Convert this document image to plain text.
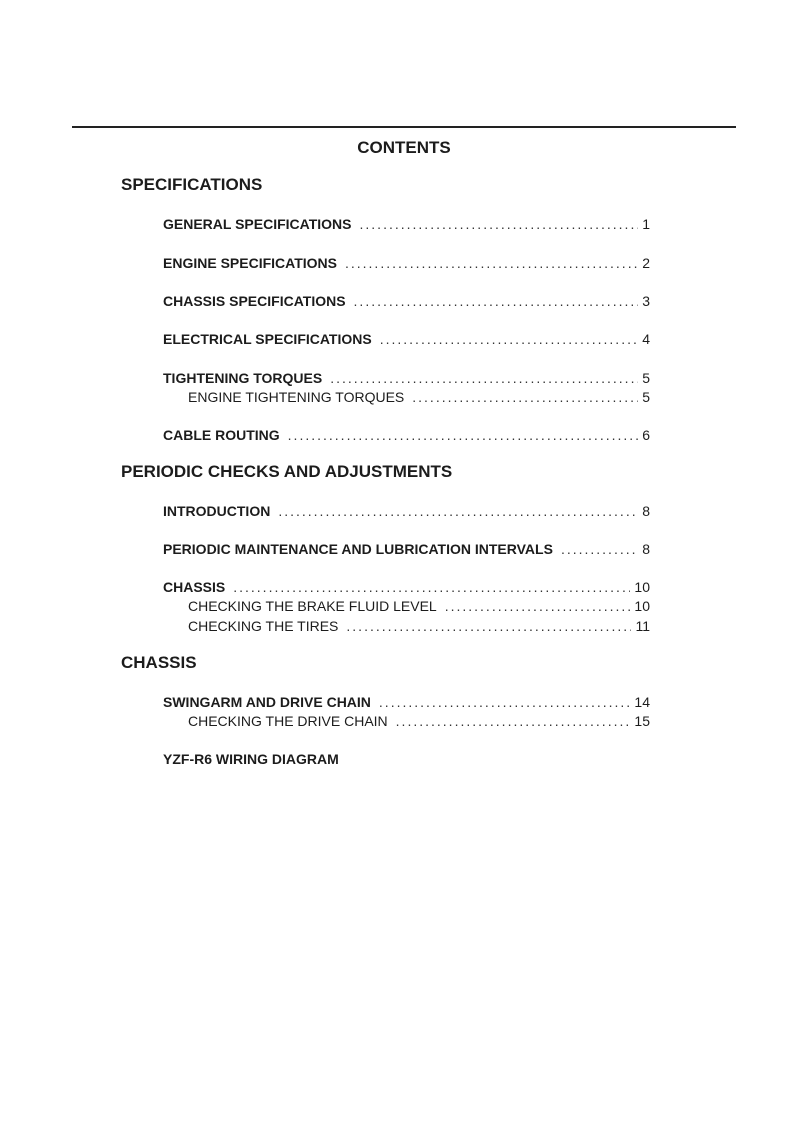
CONTENTS
SPECIFICATIONS
GENERAL SPECIFICATIONS .....	1
ENGINE SPECIFICATIONS .....	2
CHASSIS SPECIFICATIONS .....	3
ELECTRICAL SPECIFICATIONS .....	4
TIGHTENING TORQUES .....	5
ENGINE TIGHTENING TORQUES .....	5
CABLE ROUTING .....	6
PERIODIC CHECKS AND ADJUSTMENTS
INTRODUCTION .....	8
PERIODIC MAINTENANCE AND LUBRICATION INTERVALS .....	8
CHASSIS .....	10
CHECKING THE BRAKE FLUID LEVEL .....	10
CHECKING THE TIRES .....	11
CHASSIS
SWINGARM AND DRIVE CHAIN .....	14
CHECKING THE DRIVE CHAIN .....	15
YZF-R6 WIRING DIAGRAM
